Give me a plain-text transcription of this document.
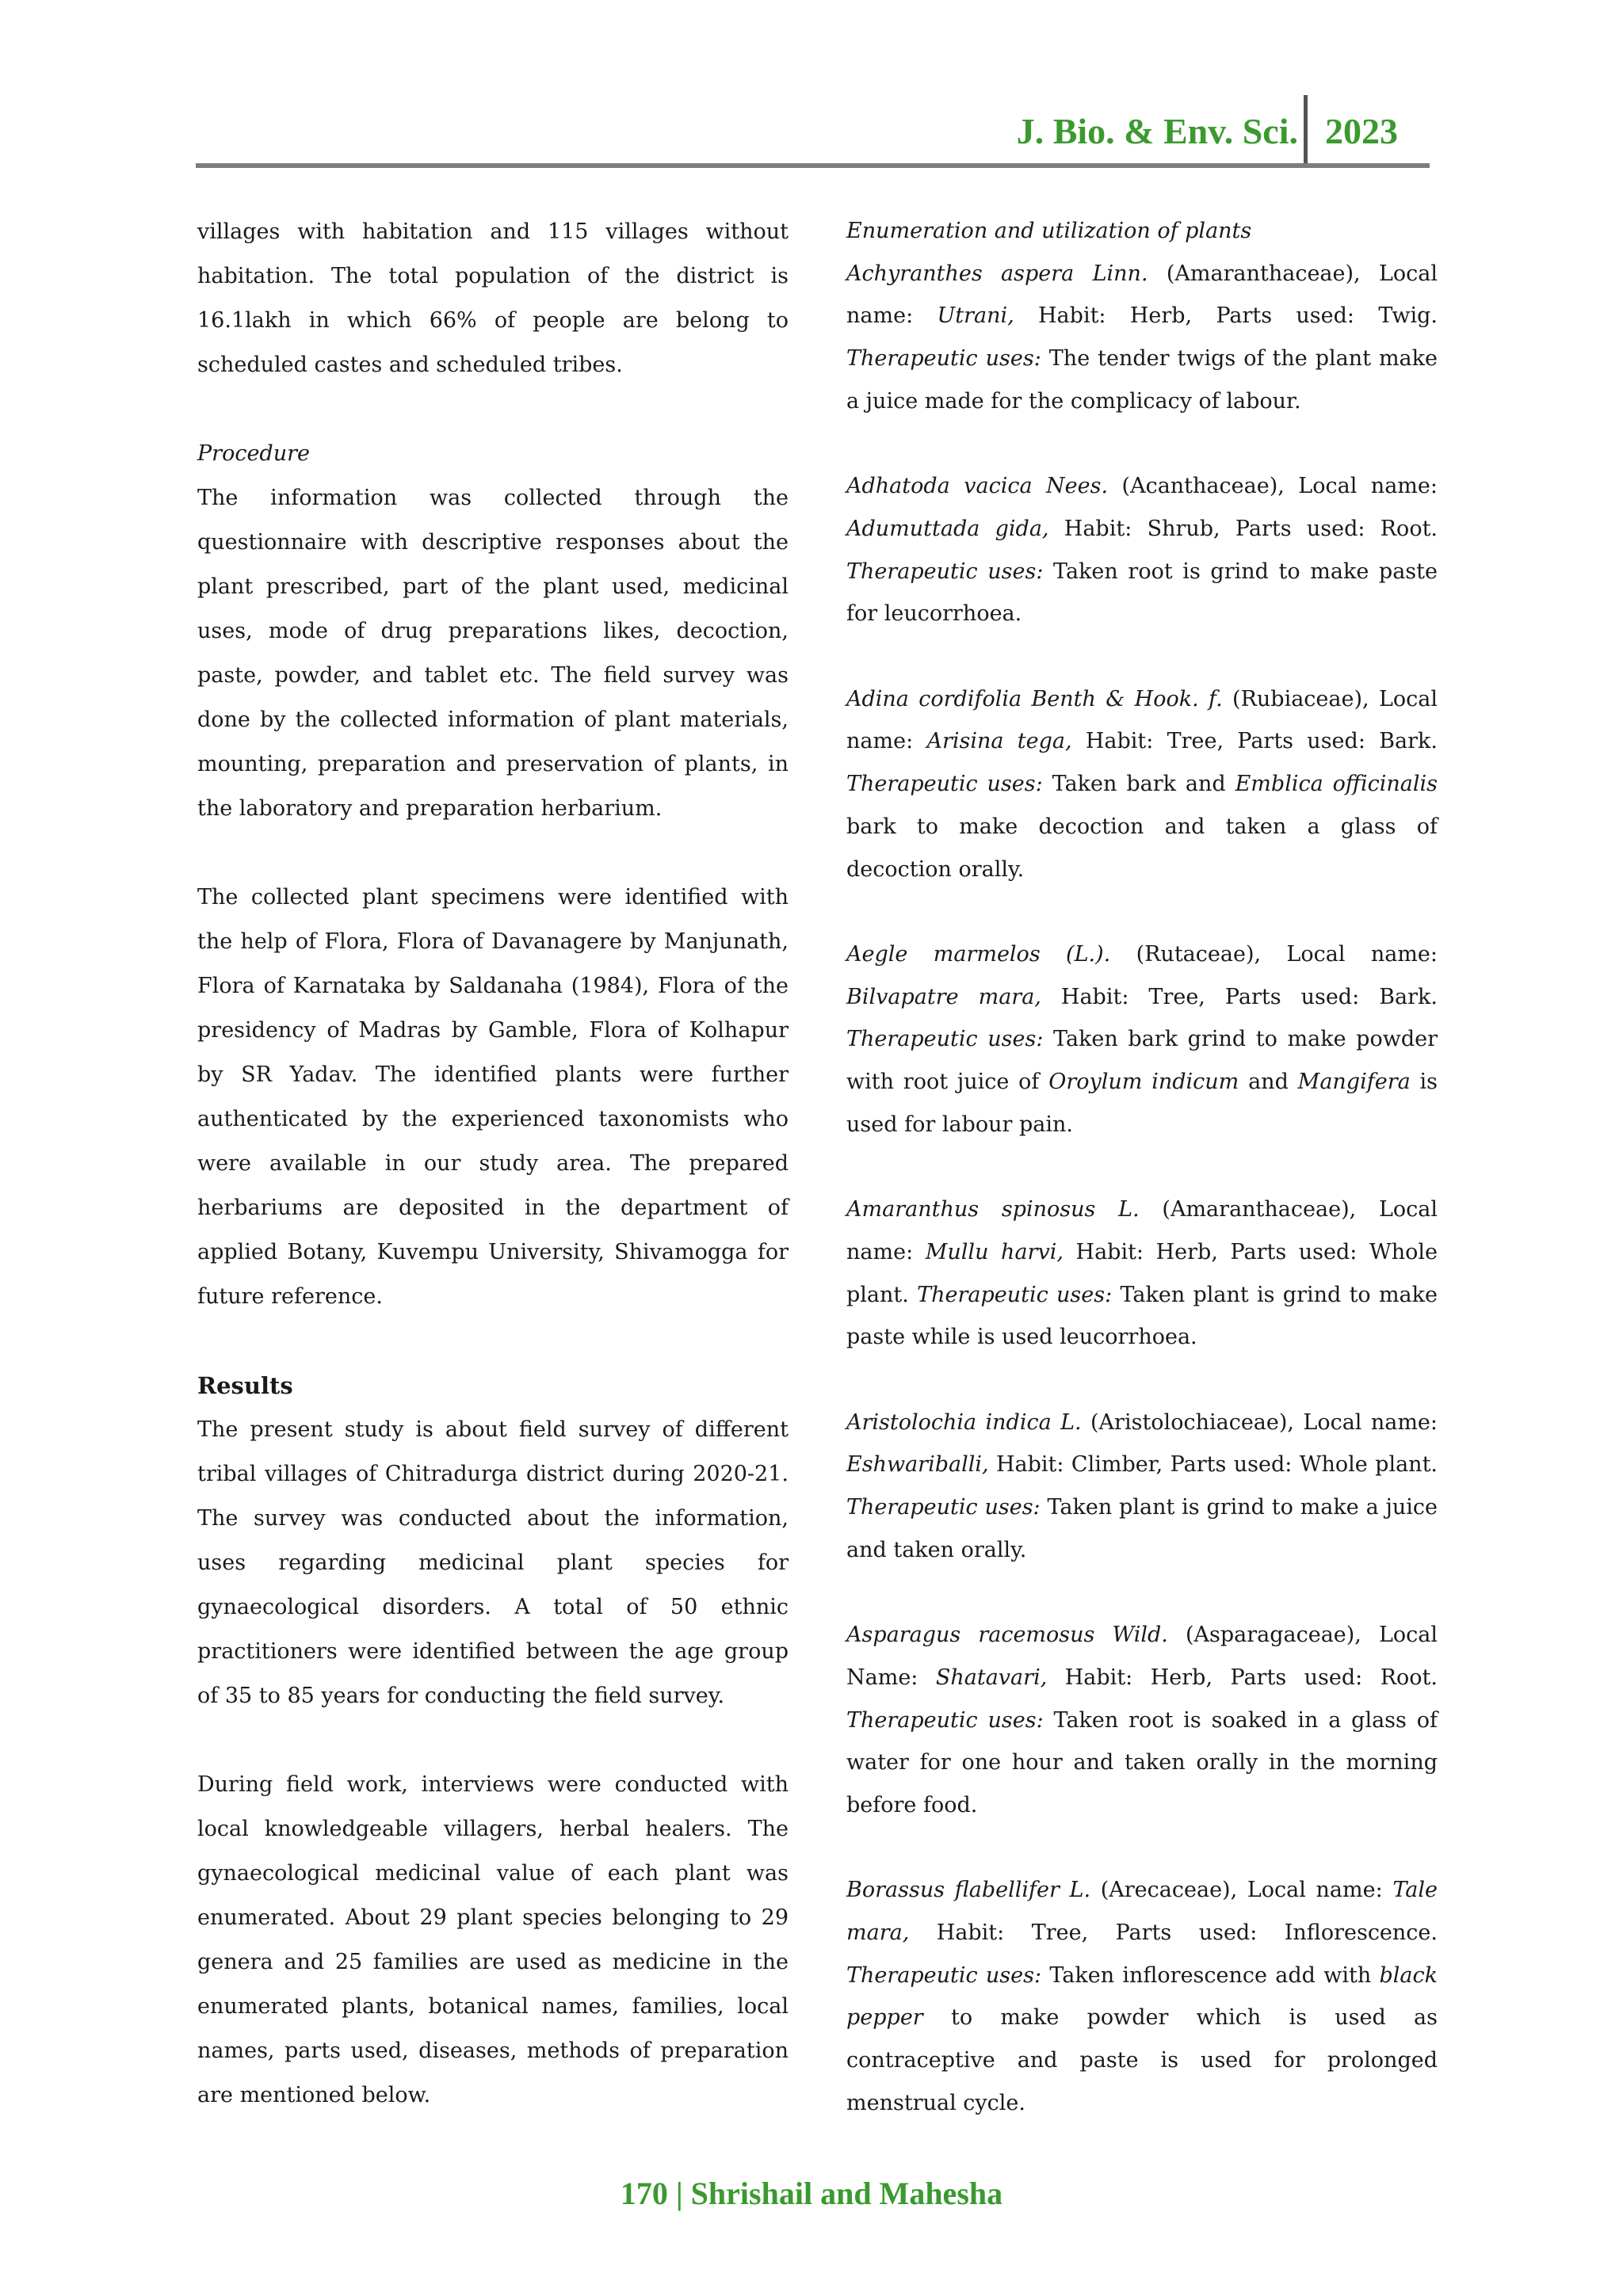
J. Bio. & Env. Sci. 2023

villages with habitation and 115 villages without habitation. The total population of the district is 16.1lakh in which 66% of people are belong to scheduled castes and scheduled tribes.

Procedure

The information was collected through the questionnaire with descriptive responses about the plant prescribed, part of the plant used, medicinal uses, mode of drug preparations likes, decoction, paste, powder, and tablet etc. The field survey was done by the collected information of plant materials, mounting, preparation and preservation of plants, in the laboratory and preparation herbarium.

The collected plant specimens were identified with the help of Flora, Flora of Davanagere by Manjunath, Flora of Karnataka by Saldanaha (1984), Flora of the presidency of Madras by Gamble, Flora of Kolhapur by SR Yadav. The identified plants were further authenticated by the experienced taxonomists who were available in our study area. The prepared herbariums are deposited in the department of applied Botany, Kuvempu University, Shivamogga for future reference.

Results

The present study is about field survey of different tribal villages of Chitradurga district during 2020-21. The survey was conducted about the information, uses regarding medicinal plant species for gynaecological disorders. A total of 50 ethnic practitioners were identified between the age group of 35 to 85 years for conducting the field survey.

During field work, interviews were conducted with local knowledgeable villagers, herbal healers. The gynaecological medicinal value of each plant was enumerated. About 29 plant species belonging to 29 genera and 25 families are used as medicine in the enumerated plants, botanical names, families, local names, parts used, diseases, methods of preparation are mentioned below.

Enumeration and utilization of plants

Achyranthes aspera Linn. (Amaranthaceae), Local name: Utrani, Habit: Herb, Parts used: Twig. Therapeutic uses: The tender twigs of the plant make a juice made for the complicacy of labour.

Adhatoda vacica Nees. (Acanthaceae), Local name: Adumuttada gida, Habit: Shrub, Parts used: Root. Therapeutic uses: Taken root is grind to make paste for leucorrhoea.

Adina cordifolia Benth & Hook. f. (Rubiaceae), Local name: Arisina tega, Habit: Tree, Parts used: Bark. Therapeutic uses: Taken bark and Emblica officinalis bark to make decoction and taken a glass of decoction orally.

Aegle marmelos (L.). (Rutaceae), Local name: Bilvapatre mara, Habit: Tree, Parts used: Bark. Therapeutic uses: Taken bark grind to make powder with root juice of Oroylum indicum and Mangifera is used for labour pain.

Amaranthus spinosus L. (Amaranthaceae), Local name: Mullu harvi, Habit: Herb, Parts used: Whole plant. Therapeutic uses: Taken plant is grind to make paste while is used leucorrhoea.

Aristolochia indica L. (Aristolochiaceae), Local name: Eshwariballi, Habit: Climber, Parts used: Whole plant. Therapeutic uses: Taken plant is grind to make a juice and taken orally.

Asparagus racemosus Wild. (Asparagaceae), Local Name: Shatavari, Habit: Herb, Parts used: Root. Therapeutic uses: Taken root is soaked in a glass of water for one hour and taken orally in the morning before food.

Borassus flabellifer L. (Arecaceae), Local name: Tale mara, Habit: Tree, Parts used: Inflorescence. Therapeutic uses: Taken inflorescence add with black pepper to make powder which is used as contraceptive and paste is used for prolonged menstrual cycle.

170 | Shrishail and Mahesha
